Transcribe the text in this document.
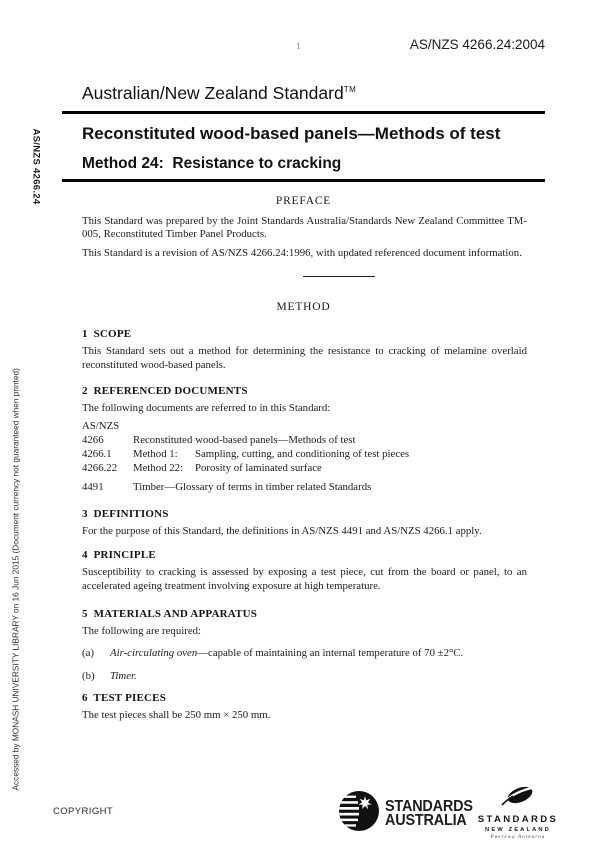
AS/NZS 4266.24
Accessed by MONASH UNIVERSITY LIBRARY on 16 Jun 2015 (Document currency not guaranteed when printed)
1	AS/NZS 4266.24:2004
Australian/New Zealand Standard™
Reconstituted wood-based panels—Methods of test
Method 24:  Resistance to cracking
PREFACE

This Standard was prepared by the Joint Standards Australia/Standards New Zealand Committee TM-005, Reconstituted Timber Panel Products.

This Standard is a revision of AS/NZS 4266.24:1996, with updated referenced document information.

METHOD
1  SCOPE

This Standard sets out a method for determining the resistance to cracking of melamine overlaid reconstituted wood-based panels.

2  REFERENCED DOCUMENTS

The following documents are referred to in this Standard:

AS/NZS
4266	Reconstituted wood-based panels—Methods of test
4266.1	Method 1:	Sampling, cutting, and conditioning of test pieces
4266.22	Method 22:	Porosity of laminated surface
4491	Timber—Glossary of terms in timber related Standards
3  DEFINITIONS

For the purpose of this Standard, the definitions in AS/NZS 4491 and AS/NZS 4266.1 apply.

4  PRINCIPLE

Susceptibility to cracking is assessed by exposing a test piece, cut from the board or panel, to an accelerated ageing treatment involving exposure at high temperature.

5  MATERIALS AND APPARATUS

The following are required:

(a)	Air-circulating oven—capable of maintaining an internal temperature of 70 ±2°C.
(b)	Timer.
6  TEST PIECES

The test pieces shall be 250 mm × 250 mm.

COPYRIGHT	STANDARDS
AUSTRALIA	STANDARDS
NEW ZEALAND
Paerewa Aotearoa
